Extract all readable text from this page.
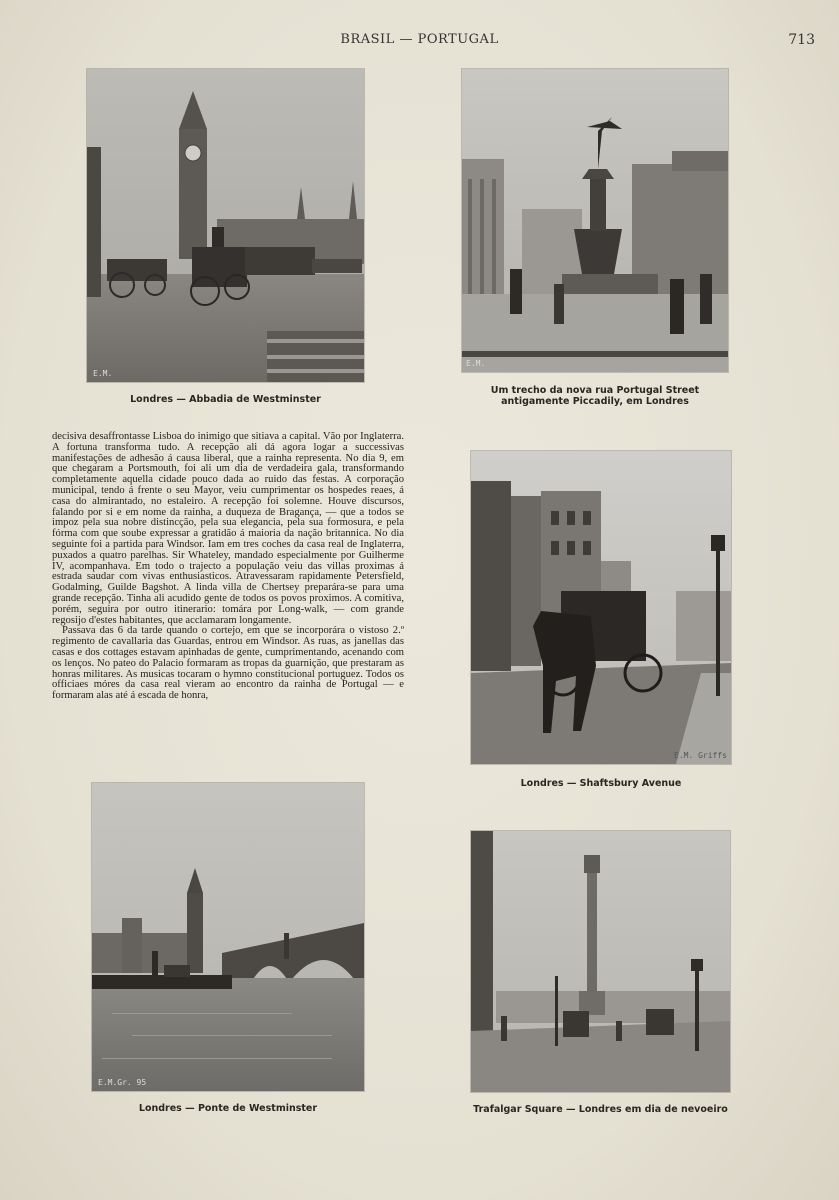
BRASIL — PORTUGAL	713
E.M.
Londres — Abbadia de Westminster
E.M.
Um trecho da nova rua Portugal Street
antigamente Piccadily, em Londres

decisiva desaffrontasse Lisboa do inimigo que sitiava a capital. Vão por Inglaterra. A fortuna transforma tudo. A recepção ali dá agora logar a successivas manifestações de adhesão á causa liberal, que a rainha representa. No dia 9, em que chegaram a Portsmouth, foi ali um dia de verdadeira gala, transformando completamente aquella cidade pouco dada ao ruido das festas. A corporação municipal, tendo á frente o seu Mayor, veiu cumprimentar os hospedes reaes, á casa do almirantado, no estaleiro. A recepção foi solemne. Houve discursos, falando por si e em nome da rainha, a duqueza de Bragança, — que a todos se impoz pela sua nobre distincção, pela sua elegancia, pela sua formosura, e pela fórma com que soube expressar a gratidão á maioria da nação britannica. No dia seguinte foi a partida para Windsor. Iam em tres coches da casa real de Inglaterra, puxados a quatro parelhas. Sir Whateley, mandado especialmente por Guilherme IV, acompanhava. Em todo o trajecto a população veiu das villas proximas á estrada saudar com vivas enthusiasticos. Atravessaram rapidamente Petersfield, Godalming, Guilde Bagshot. A linda villa de Chertsey preparára-se para uma grande recepção. Tinha ali acudido gente de todos os povos proximos. A comitiva, porém, seguira por outro itinerario: tomára por Long-walk, — com grande regosijo d'estes habitantes, que acclamaram longamente.

Passava das 6 da tarde quando o cortejo, em que se incorporára o vistoso 2.º regimento de cavallaria das Guardas, entrou em Windsor. As ruas, as janellas das casas e dos cottages estavam apinhadas de gente, cumprimentando, acenando com os lenços. No pateo do Palacio formaram as tropas da guarnição, que prestaram as honras militares. As musicas tocaram o hymno constitucional portuguez. Todos os officiaes móres da casa real vieram ao encontro da rainha de Portugal — e formaram alas até á escada de honra,

E.M. Griffs
Londres — Shaftsbury Avenue
E.M.Gr. 95
Londres — Ponte de Westminster	Trafalgar Square — Londres em dia de nevoeiro
